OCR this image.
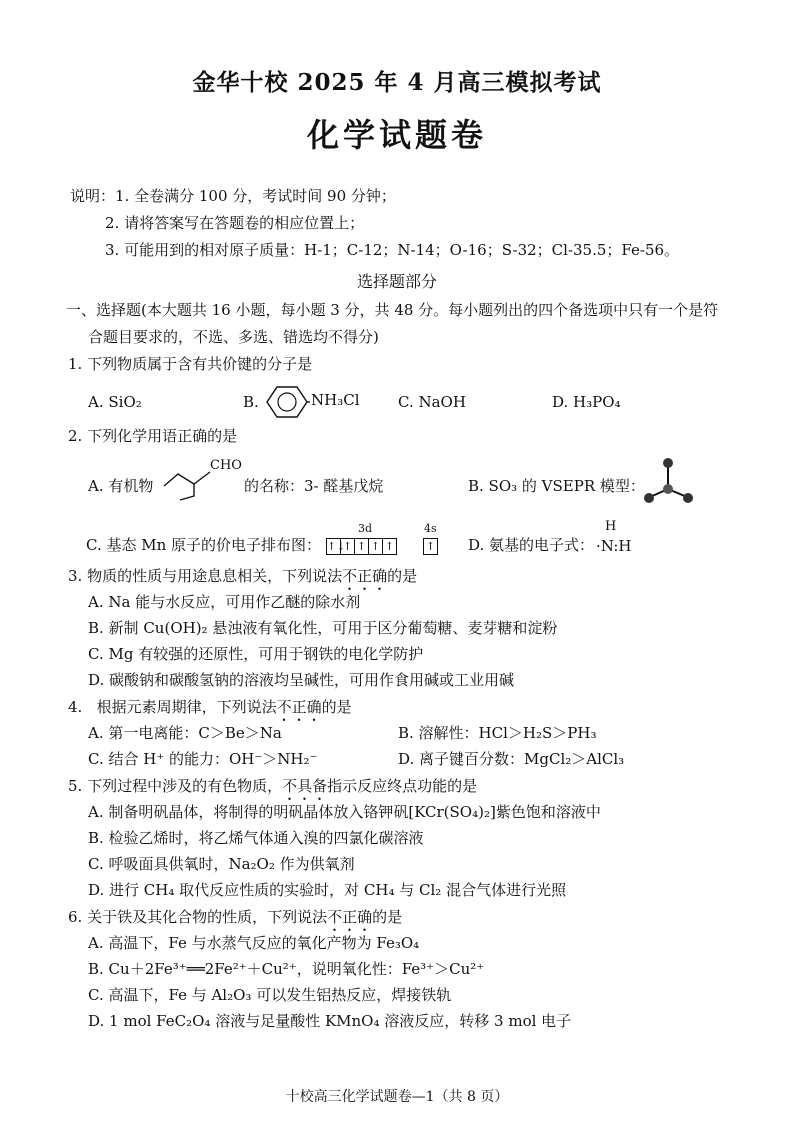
金华十校 2025 年 4 月高三模拟考试
化学试题卷
说明：1. 全卷满分 100 分，考试时间 90 分钟；
2. 请将答案写在答题卷的相应位置上；
3. 可能用到的相对原子质量：H-1；C-12；N-14；O-16；S-32；Cl-35.5；Fe-56。
选择题部分
一、选择题(本大题共 16 小题，每小题 3 分，共 48 分。每小题列出的四个备选项中只有一个是符
合题目要求的，不选、多选、错选均不得分)
1. 下列物质属于含有共价键的分子是
A. SiO₂	B.	NH₃Cl	C. NaOH	D. H₃PO₄
2. 下列化学用语正确的是
A. 有机物
CHO
的名称：3- 醛基戊烷	B. SO₃ 的 VSEPR 模型：
C. 基态 Mn 原子的价电子排布图：
3d	4s
↑↓↑ ↑ ↑ ↑	↑ D. 氨基的电子式：
H
·N:H
3. 物质的性质与用途息息相关，下列说法不正确的是
A. Na 能与水反应，可用作乙醚的除水剂
B. 新制 Cu(OH)₂ 悬浊液有氧化性，可用于区分葡萄糖、麦芽糖和淀粉
C. Mg 有较强的还原性，可用于钢铁的电化学防护
D. 碳酸钠和碳酸氢钠的溶液均呈碱性，可用作食用碱或工业用碱
4.   根据元素周期律，下列说法不正确的是
A. 第一电离能：C＞Be＞Na	B. 溶解性：HCl＞H₂S＞PH₃
C. 结合 H⁺ 的能力：OH⁻＞NH₂⁻	D. 离子键百分数：MgCl₂＞AlCl₃
5. 下列过程中涉及的有色物质，不具备指示反应终点功能的是
A. 制备明矾晶体，将制得的明矾晶体放入铬钾矾[KCr(SO₄)₂]紫色饱和溶液中
B. 检验乙烯时，将乙烯气体通入溴的四氯化碳溶液
C. 呼吸面具供氧时，Na₂O₂ 作为供氧剂
D. 进行 CH₄ 取代反应性质的实验时，对 CH₄ 与 Cl₂ 混合气体进行光照
6. 关于铁及其化合物的性质，下列说法不正确的是
A. 高温下，Fe 与水蒸气反应的氧化产物为 Fe₃O₄
B. Cu＋2Fe³⁺══2Fe²⁺＋Cu²⁺，说明氧化性：Fe³⁺＞Cu²⁺
C. 高温下，Fe 与 Al₂O₃ 可以发生铝热反应，焊接铁轨
D. 1 mol FeC₂O₄ 溶液与足量酸性 KMnO₄ 溶液反应，转移 3 mol 电子
十校高三化学试题卷—1（共 8 页）
